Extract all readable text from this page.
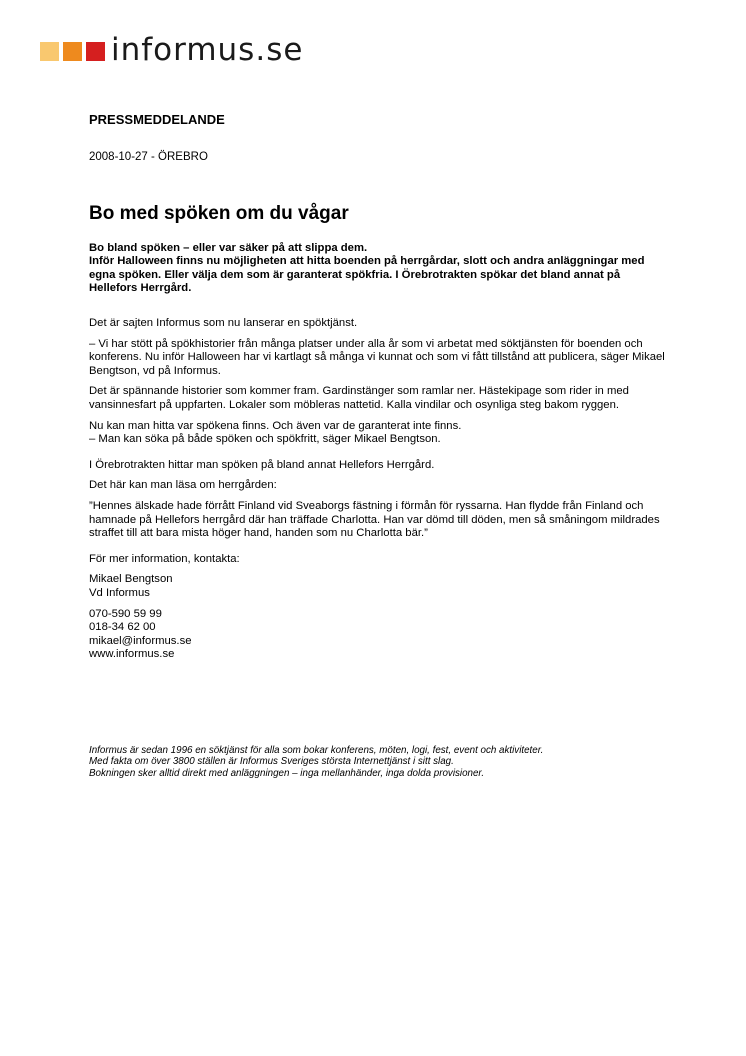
informus.se
PRESSMEDDELANDE
2008-10-27 - ÖREBRO
Bo med spöken om du vågar

Bo bland spöken – eller var säker på att slippa dem.

Inför Halloween finns nu möjligheten att hitta boenden på herrgårdar, slott och andra anläggningar med egna spöken. Eller välja dem som är garanterat spökfria. I Örebrotrakten spökar det bland annat på Hellefors Herrgård.

Det är sajten Informus som nu lanserar en spöktjänst.

– Vi har stött på spökhistorier från många platser under alla år som vi arbetat med söktjänsten för boenden och konferens. Nu inför Halloween har vi kartlagt så många vi kunnat och som vi fått tillstånd att publicera, säger Mikael Bengtson, vd på Informus.

Det är spännande historier som kommer fram. Gardinstänger som ramlar ner. Hästekipage som rider in med vansinnesfart på uppfarten. Lokaler som möbleras nattetid. Kalla vindilar och osynliga steg bakom ryggen.

Nu kan man hitta var spökena finns. Och även var de garanterat inte finns.
– Man kan söka på både spöken och spökfritt, säger Mikael Bengtson.

I Örebrotrakten hittar man spöken på bland annat Hellefors Herrgård.

Det här kan man läsa om herrgården:

”Hennes älskade hade förrått Finland vid Sveaborgs fästning i förmån för ryssarna. Han flydde från Finland och hamnade på Hellefors herrgård där han träffade Charlotta. Han var dömd till döden, men så småningom mildrades straffet till att bara mista höger hand, handen som nu Charlotta bär.”

För mer information, kontakta:

Mikael Bengtson
Vd Informus

070-590 59 99
018-34 62 00
mikael@informus.se
www.informus.se

Informus är sedan 1996 en söktjänst för alla som bokar konferens, möten, logi, fest, event och aktiviteter.

Med fakta om över 3800 ställen är Informus Sveriges största Internettjänst i sitt slag.

Bokningen sker alltid direkt med anläggningen – inga mellanhänder, inga dolda provisioner.
